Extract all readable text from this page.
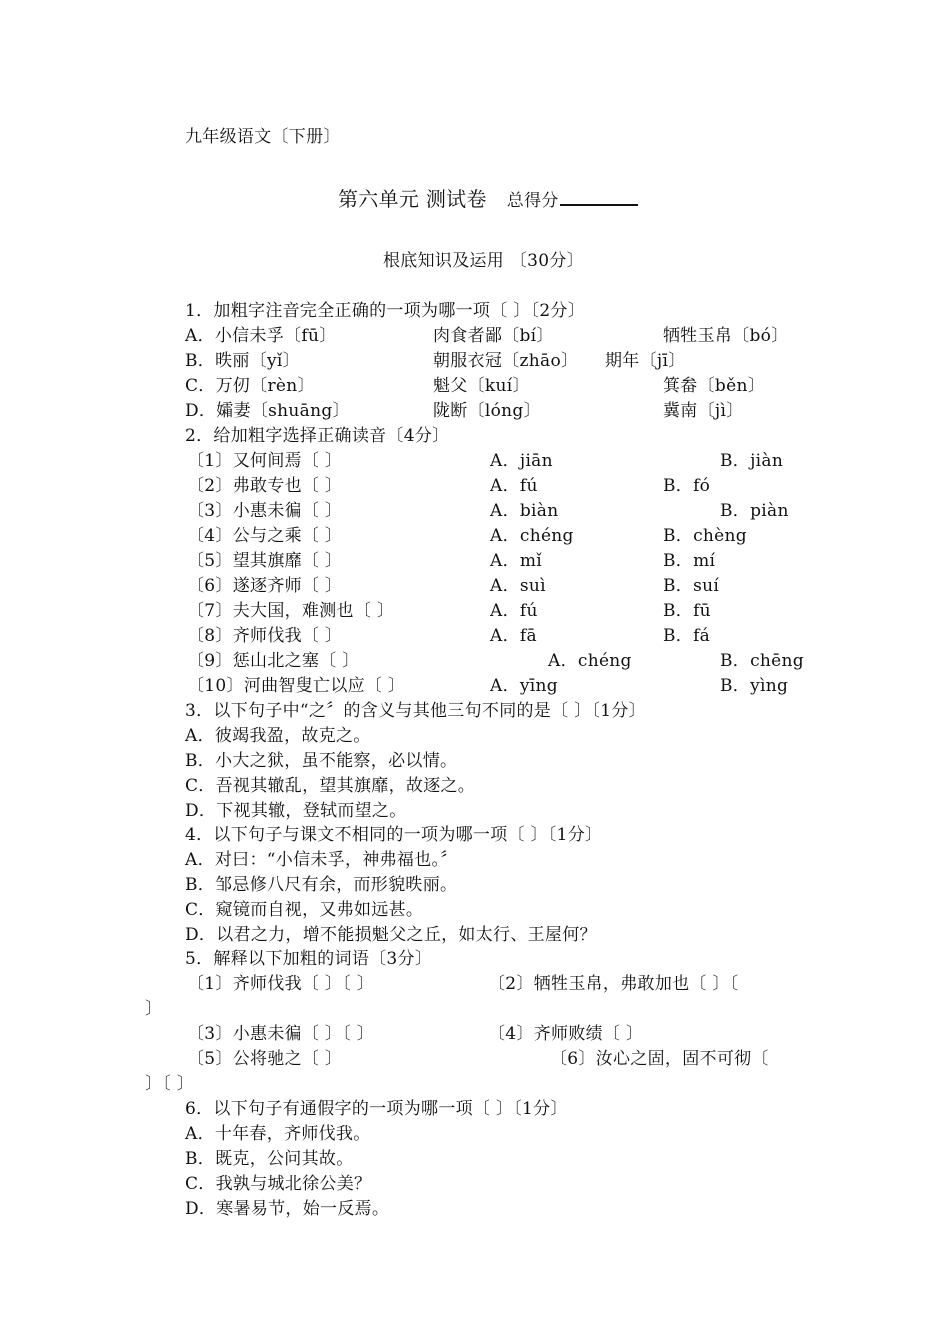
九年级语文〔下册〕
第六单元 测试卷 总得分
根底知识及运用 〔30分〕
1．加粗字注音完全正确的一项为哪一项〔 〕〔2分〕
A．小信未孚〔fū〕	肉食者鄙〔bí〕	牺牲玉帛〔bó〕
B．昳丽〔yǐ〕	朝服衣冠〔zhāo〕 期年〔jī〕
C．万仞〔rèn〕	魁父〔kuí〕	箕畚〔běn〕
D．孀妻〔shuāng〕	陇断〔lóng〕	冀南〔jì〕
2．给加粗字选择正确读音〔4分〕
〔1〕又何间焉〔 〕	A．jiān	B．jiàn
〔2〕弗敢专也〔 〕	A．fú	B．fó
〔3〕小惠未徧〔 〕	A．biàn	B．piàn
〔4〕公与之乘〔 〕	A．chéng	B．chèng
〔5〕望其旗靡〔 〕	A．mǐ	B．mí
〔6〕遂逐齐师〔 〕	A．suì	B．suí
〔7〕夫大国，难测也〔 〕	A．fú	B．fū
〔8〕齐师伐我〔 〕	A．fā	B．fá
〔9〕惩山北之塞〔 〕	A．chéng	B．chēng
〔10〕河曲智叟亡以应〔 〕	A．yīng	B．yìng
3．以下句子中“之〞的含义与其他三句不同的是〔 〕〔1分〕
A．彼竭我盈，故克之。
B．小大之狱，虽不能察，必以情。
C．吾视其辙乱，望其旗靡，故逐之。
D．下视其辙，登轼而望之。
4．以下句子与课文不相同的一项为哪一项〔 〕〔1分〕
A．对曰：“小信未孚，神弗福也。〞
B．邹忌修八尺有余，而形貌昳丽。
C．窥镜而自视，又弗如远甚。
D．以君之力，增不能损魁父之丘，如太行、王屋何？
5．解释以下加粗的词语〔3分〕
〔1〕齐师伐我〔 〕〔 〕	〔2〕牺牲玉帛，弗敢加也〔 〕〔
〕
〔3〕小惠未徧〔 〕〔 〕	〔4〕齐师败绩〔 〕
〔5〕公将驰之〔 〕	〔6〕汝心之固，固不可彻〔
〕〔 〕
6．以下句子有通假字的一项为哪一项〔 〕〔1分〕
A．十年春，齐师伐我。
B．既克，公问其故。
C．我孰与城北徐公美？
D．寒暑易节，始一反焉。
